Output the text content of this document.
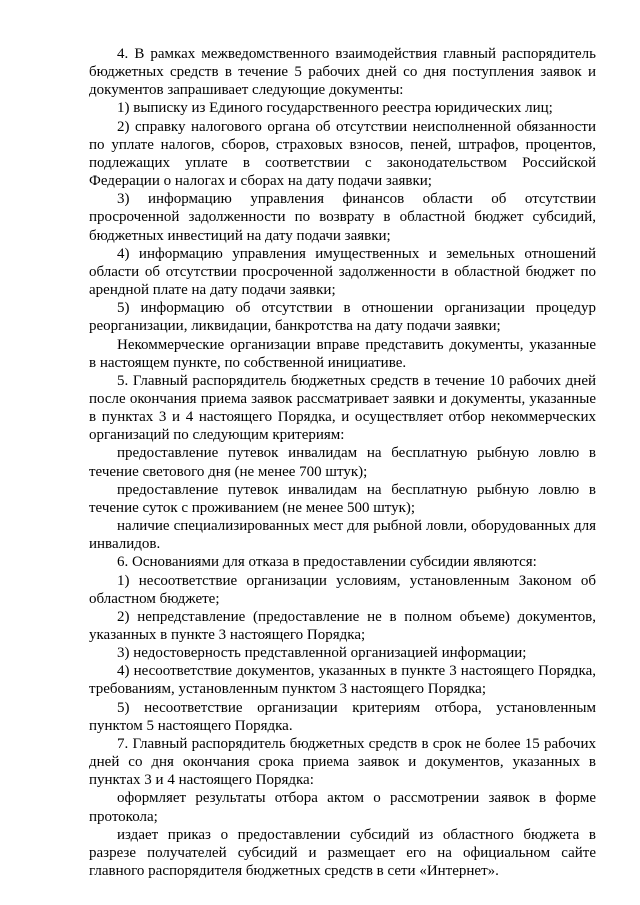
4. В рамках межведомственного взаимодействия главный распорядитель бюджетных средств в течение 5 рабочих дней со дня поступления заявок и документов запрашивает следующие документы:

1) выписку из Единого государственного реестра юридических лиц;

2) справку налогового органа об отсутствии неисполненной обязанности по уплате налогов, сборов, страховых взносов, пеней, штрафов, процентов, подлежащих уплате в соответствии с законодательством Российской Федерации о налогах и сборах на дату подачи заявки;

3) информацию управления финансов области об отсутствии просроченной задолженности по возврату в областной бюджет субсидий, бюджетных инвестиций на дату подачи заявки;

4) информацию управления имущественных и земельных отношений области об отсутствии просроченной задолженности в областной бюджет по арендной плате на дату подачи заявки;

5) информацию об отсутствии в отношении организации процедур реорганизации, ликвидации, банкротства на дату подачи заявки;

Некоммерческие организации вправе представить документы, указанные в настоящем пункте, по собственной инициативе.

5. Главный распорядитель бюджетных средств в течение 10 рабочих дней после окончания приема заявок рассматривает заявки и документы, указанные в пунктах 3 и 4 настоящего Порядка, и осуществляет отбор некоммерческих организаций по следующим критериям:

предоставление путевок инвалидам на бесплатную рыбную ловлю в течение светового дня (не менее 700 штук);

предоставление путевок инвалидам на бесплатную рыбную ловлю в течение суток с проживанием (не менее 500 штук);

наличие специализированных мест для рыбной ловли, оборудованных для инвалидов.

6. Основаниями для отказа в предоставлении субсидии являются:

1) несоответствие организации условиям, установленным Законом об областном бюджете;

2) непредставление (предоставление не в полном объеме) документов, указанных в пункте 3 настоящего Порядка;

3) недостоверность представленной организацией информации;

4) несоответствие документов, указанных в пункте 3 настоящего Порядка, требованиям, установленным пунктом 3 настоящего Порядка;

5) несоответствие организации критериям отбора, установленным пунктом 5 настоящего Порядка.

7. Главный распорядитель бюджетных средств в срок не более 15 рабочих дней со дня окончания срока приема заявок и документов, указанных в пунктах 3 и 4 настоящего Порядка:

оформляет результаты отбора актом о рассмотрении заявок в форме протокола;

издает приказ о предоставлении субсидий из областного бюджета в разрезе получателей субсидий и размещает его на официальном сайте главного распорядителя бюджетных средств в сети «Интернет».
